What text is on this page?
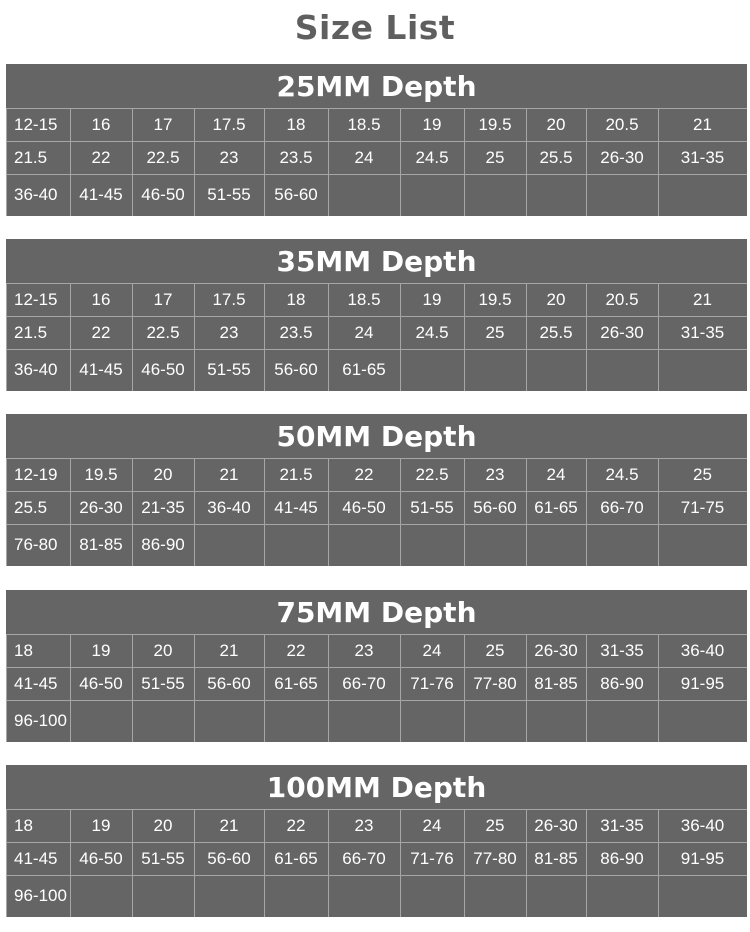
Size List
25MM Depth
12-15	16	17	17.5	18	18.5	19	19.5	20	20.5	21
21.5	22	22.5	23	23.5	24	24.5	25	25.5	26-30	31-35
36-40	41-45	46-50	51-55	56-60						
35MM Depth
12-15	16	17	17.5	18	18.5	19	19.5	20	20.5	21
21.5	22	22.5	23	23.5	24	24.5	25	25.5	26-30	31-35
36-40	41-45	46-50	51-55	56-60	61-65					
50MM Depth
12-19	19.5	20	21	21.5	22	22.5	23	24	24.5	25
25.5	26-30	21-35	36-40	41-45	46-50	51-55	56-60	61-65	66-70	71-75
76-80	81-85	86-90								
75MM Depth
18	19	20	21	22	23	24	25	26-30	31-35	36-40
41-45	46-50	51-55	56-60	61-65	66-70	71-76	77-80	81-85	86-90	91-95
96-100										
100MM Depth
18	19	20	21	22	23	24	25	26-30	31-35	36-40
41-45	46-50	51-55	56-60	61-65	66-70	71-76	77-80	81-85	86-90	91-95
96-100										
